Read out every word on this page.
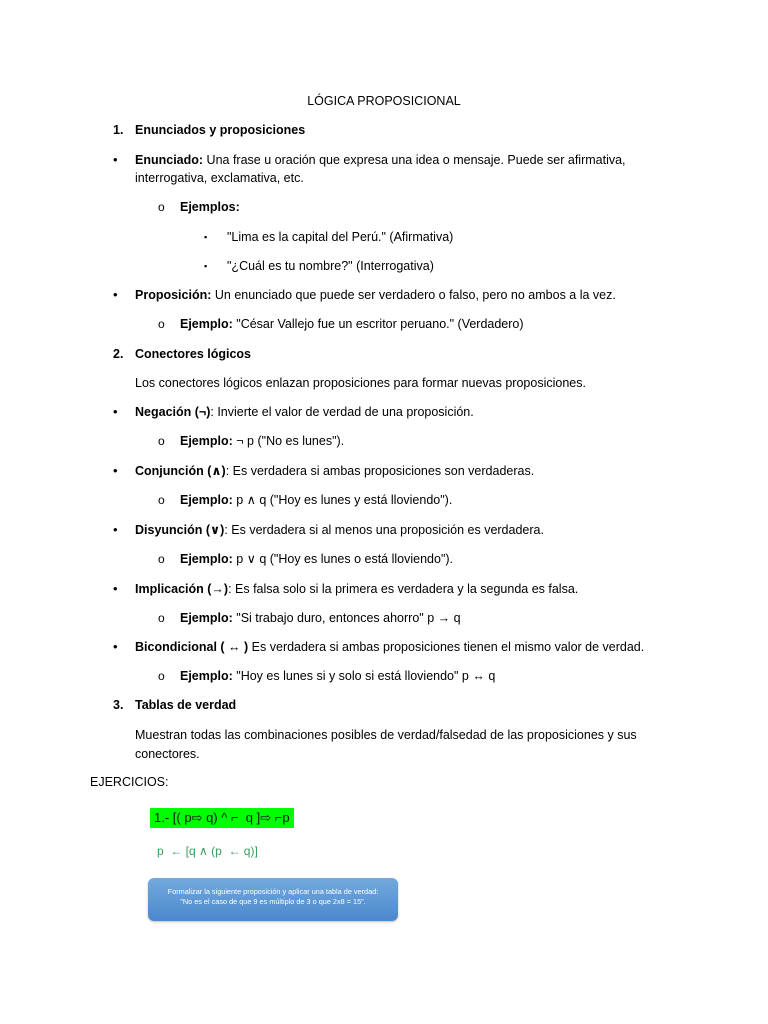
LÓGICA PROPOSICIONAL
1. Enunciados y proposiciones
• Enunciado: Una frase u oración que expresa una idea o mensaje. Puede ser afirmativa,
interrogativa, exclamativa, etc.
o Ejemplos:
▪ "Lima es la capital del Perú." (Afirmativa)
▪ "¿Cuál es tu nombre?" (Interrogativa)
• Proposición: Un enunciado que puede ser verdadero o falso, pero no ambos a la vez.
o Ejemplo: "César Vallejo fue un escritor peruano." (Verdadero)
2. Conectores lógicos
Los conectores lógicos enlazan proposiciones para formar nuevas proposiciones.
• Negación (¬): Invierte el valor de verdad de una proposición.
o Ejemplo: ¬ p ("No es lunes").
• Conjunción (∧): Es verdadera si ambas proposiciones son verdaderas.
o Ejemplo: p ∧ q ("Hoy es lunes y está lloviendo").
• Disyunción (∨): Es verdadera si al menos una proposición es verdadera.
o Ejemplo: p ∨ q ("Hoy es lunes o está lloviendo").
• Implicación (→): Es falsa solo si la primera es verdadera y la segunda es falsa.
o Ejemplo: "Si trabajo duro, entonces ahorro" p → q
• Bicondicional ( ↔ ) Es verdadera si ambas proposiciones tienen el mismo valor de verdad.
o Ejemplo: "Hoy es lunes si y solo si está lloviendo" p ↔ q
3. Tablas de verdad
Muestran todas las combinaciones posibles de verdad/falsedad de las proposiciones y sus
conectores.
EJERCICIOS:
1.- [( p⇨ q) ^ ⌐  q ]⇨ ⌐p
p  ← [q ∧ (p  ← q)]
Formalizar la siguiente proposición y aplicar una tabla de verdad:
"No es el caso de que 9 es múltiplo de 3 o que 2x8 = 15".
